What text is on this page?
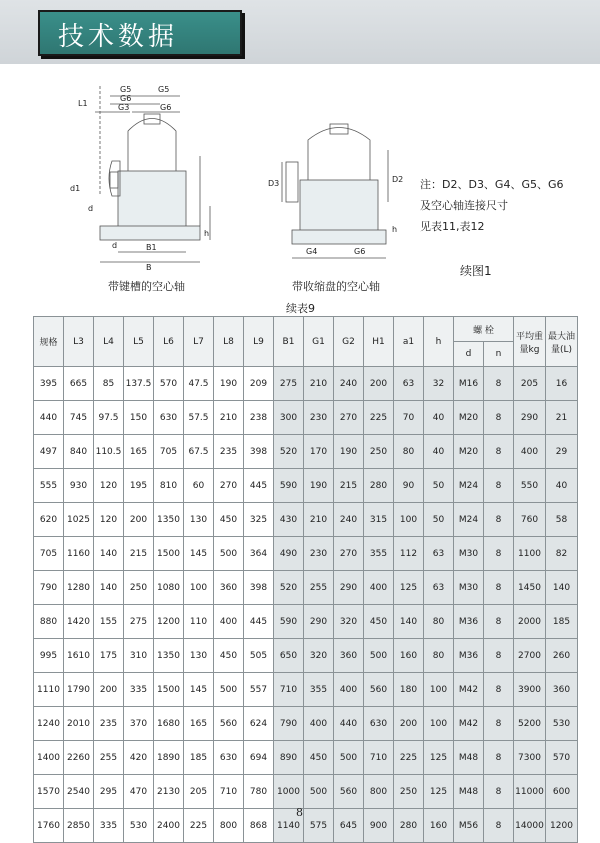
技术数据
G5	G5
G6
G3	G6
L1
d1
d
h
d	B1
B
带键槽的空心轴
D3	D2
h
G4	G6
带收缩盘的空心轴
注：D2、D3、G4、G5、G6
及空心轴连接尺寸
见表11,表12
续图1
续表9
规格	L3	L4	L5	L6	L7	L8	L9	B1	G1	G2	H1	a1	h	螺 栓		平均重量kg	最大油量(L)
														d	n		
395	665	85	137.5	570	47.5	190	209	275	210	240	200	63	32	M16	8	205	16
440	745	97.5	150	630	57.5	210	238	300	230	270	225	70	40	M20	8	290	21
497	840	110.5	165	705	67.5	235	398	520	170	190	250	80	40	M20	8	400	29
555	930	120	195	810	60	270	445	590	190	215	280	90	50	M24	8	550	40
620	1025	120	200	1350	130	450	325	430	210	240	315	100	50	M24	8	760	58
705	1160	140	215	1500	145	500	364	490	230	270	355	112	63	M30	8	1100	82
790	1280	140	250	1080	100	360	398	520	255	290	400	125	63	M30	8	1450	140
880	1420	155	275	1200	110	400	445	590	290	320	450	140	80	M36	8	2000	185
995	1610	175	310	1350	130	450	505	650	320	360	500	160	80	M36	8	2700	260
1110	1790	200	335	1500	145	500	557	710	355	400	560	180	100	M42	8	3900	360
1240	2010	235	370	1680	165	560	624	790	400	440	630	200	100	M42	8	5200	530
1400	2260	255	420	1890	185	630	694	890	450	500	710	225	125	M48	8	7300	570
1570	2540	295	470	2130	205	710	780	1000	500	560	800	250	125	M48	8	11000	600
1760	2850	335	530	2400	225	800	868	1140	575	645	900	280	160	M56	8	14000	1200
8
